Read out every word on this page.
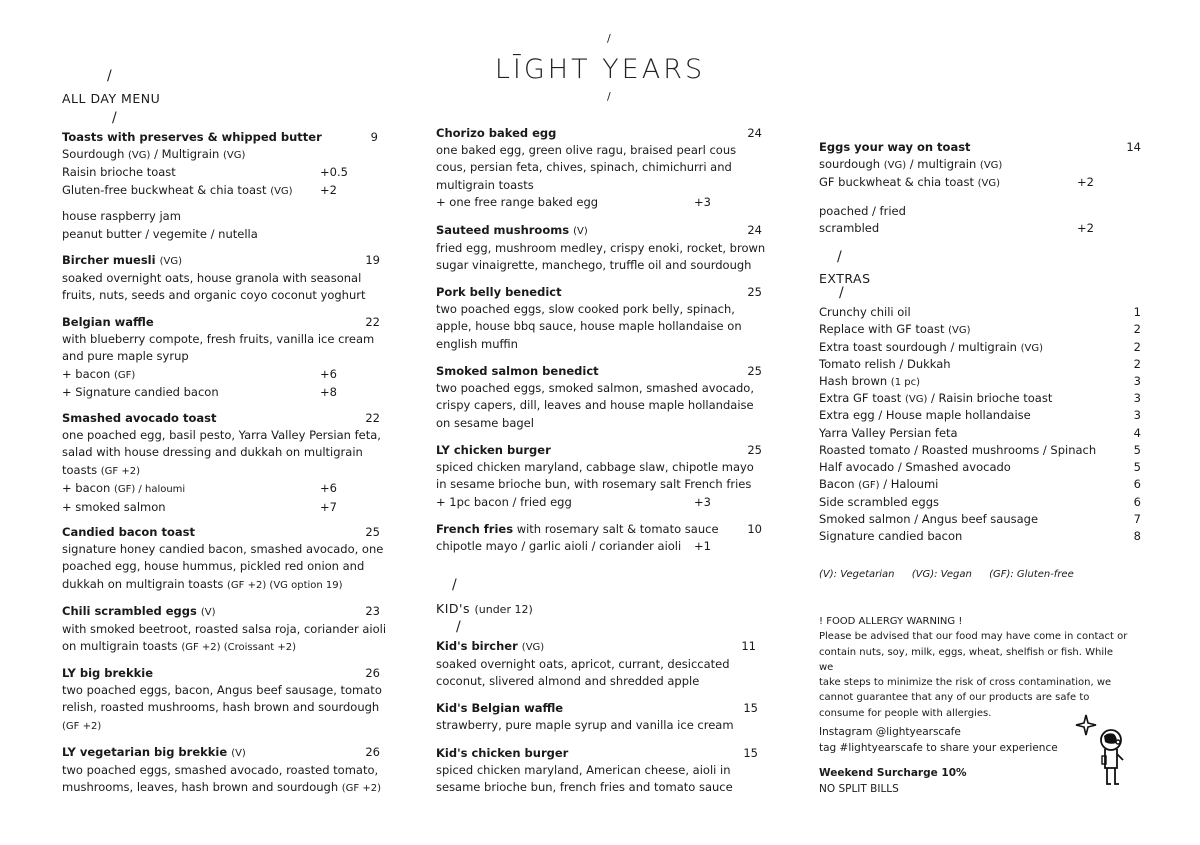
/
LĪGHT YEARS
/
/
ALL DAY MENU
/
Toasts with preserves & whipped butter	9
Sourdough (VG) / Multigrain (VG)
Raisin brioche toast	+0.5
Gluten-free buckwheat & chia toast (VG) +2
house raspberry jam
peanut butter / vegemite / nutella
Bircher muesli (VG)	19
soaked overnight oats, house granola with seasonal
fruits, nuts, seeds and organic coyo coconut yoghurt
Belgian waffle	22
with blueberry compote, fresh fruits, vanilla ice cream
and pure maple syrup
+ bacon (GF)	+6
+ Signature candied bacon	+8
Smashed avocado toast	22
one poached egg, basil pesto, Yarra Valley Persian feta,
salad with house dressing and dukkah on multigrain
toasts (GF +2)
+ bacon (GF) / haloumi	+6
+ smoked salmon	+7
Candied bacon toast	25
signature honey candied bacon, smashed avocado, one
poached egg, house hummus, pickled red onion and
dukkah on multigrain toasts (GF +2) (VG option 19)
Chili scrambled eggs (V)	23
with smoked beetroot, roasted salsa roja, coriander aioli
on multigrain toasts (GF +2) (Croissant +2)
LY big brekkie	26
two poached eggs, bacon, Angus beef sausage, tomato
relish, roasted mushrooms, hash brown and sourdough
(GF +2)
LY vegetarian big brekkie (V)	26
two poached eggs, smashed avocado, roasted tomato,
mushrooms, leaves, hash brown and sourdough (GF +2)
Chorizo baked egg	24
one baked egg, green olive ragu, braised pearl cous
cous, persian feta, chives, spinach, chimichurri and
multigrain toasts
+ one free range baked egg	+3
Sauteed mushrooms (V)	24
fried egg, mushroom medley, crispy enoki, rocket, brown
sugar vinaigrette, manchego, truffle oil and sourdough
Pork belly benedict	25
two poached eggs, slow cooked pork belly, spinach,
apple, house bbq sauce, house maple hollandaise on
english muffin
Smoked salmon benedict	25
two poached eggs, smoked salmon, smashed avocado,
crispy capers, dill, leaves and house maple hollandaise
on sesame bagel
LY chicken burger	25
spiced chicken maryland, cabbage slaw, chipotle mayo
in sesame brioche bun, with rosemary salt French fries
+ 1pc bacon / fried egg	+3
French fries with rosemary salt & tomato sauce	10
chipotle mayo / garlic aioli / coriander aioli +1
/
KID's (under 12)
/
Kid's bircher (VG)	11
soaked overnight oats, apricot, currant, desiccated
coconut, slivered almond and shredded apple
Kid's Belgian waffle	15
strawberry, pure maple syrup and vanilla ice cream
Kid's chicken burger	15
spiced chicken maryland, American cheese, aioli in
sesame brioche bun, french fries and tomato sauce
Eggs your way on toast	14
sourdough (VG) / multigrain (VG)
GF buckwheat & chia toast (VG)	+2
poached / fried
scrambled	+2
/
EXTRAS
/
Crunchy chili oil	1
Replace with GF toast (VG)	2
Extra toast sourdough / multigrain (VG)	2
Tomato relish / Dukkah	2
Hash brown (1 pc)	3
Extra GF toast (VG) / Raisin brioche toast	3
Extra egg / House maple hollandaise	3
Yarra Valley Persian feta	4
Roasted tomato / Roasted mushrooms / Spinach	5
Half avocado / Smashed avocado	5
Bacon (GF) / Haloumi	6
Side scrambled eggs	6
Smoked salmon / Angus beef sausage	7
Signature candied bacon	8
(V): Vegetarian (VG): Vegan (GF): Gluten-free
! FOOD ALLERGY WARNING !
Please be advised that our food may have come in contact or
contain nuts, soy, milk, eggs, wheat, shelfish or fish. While we
take steps to minimize the risk of cross contamination, we
cannot guarantee that any of our products are safe to
consume for people with allergies.
Instagram @lightyearscafe
tag #lightyearscafe to share your experience
Weekend Surcharge 10%
NO SPLIT BILLS
